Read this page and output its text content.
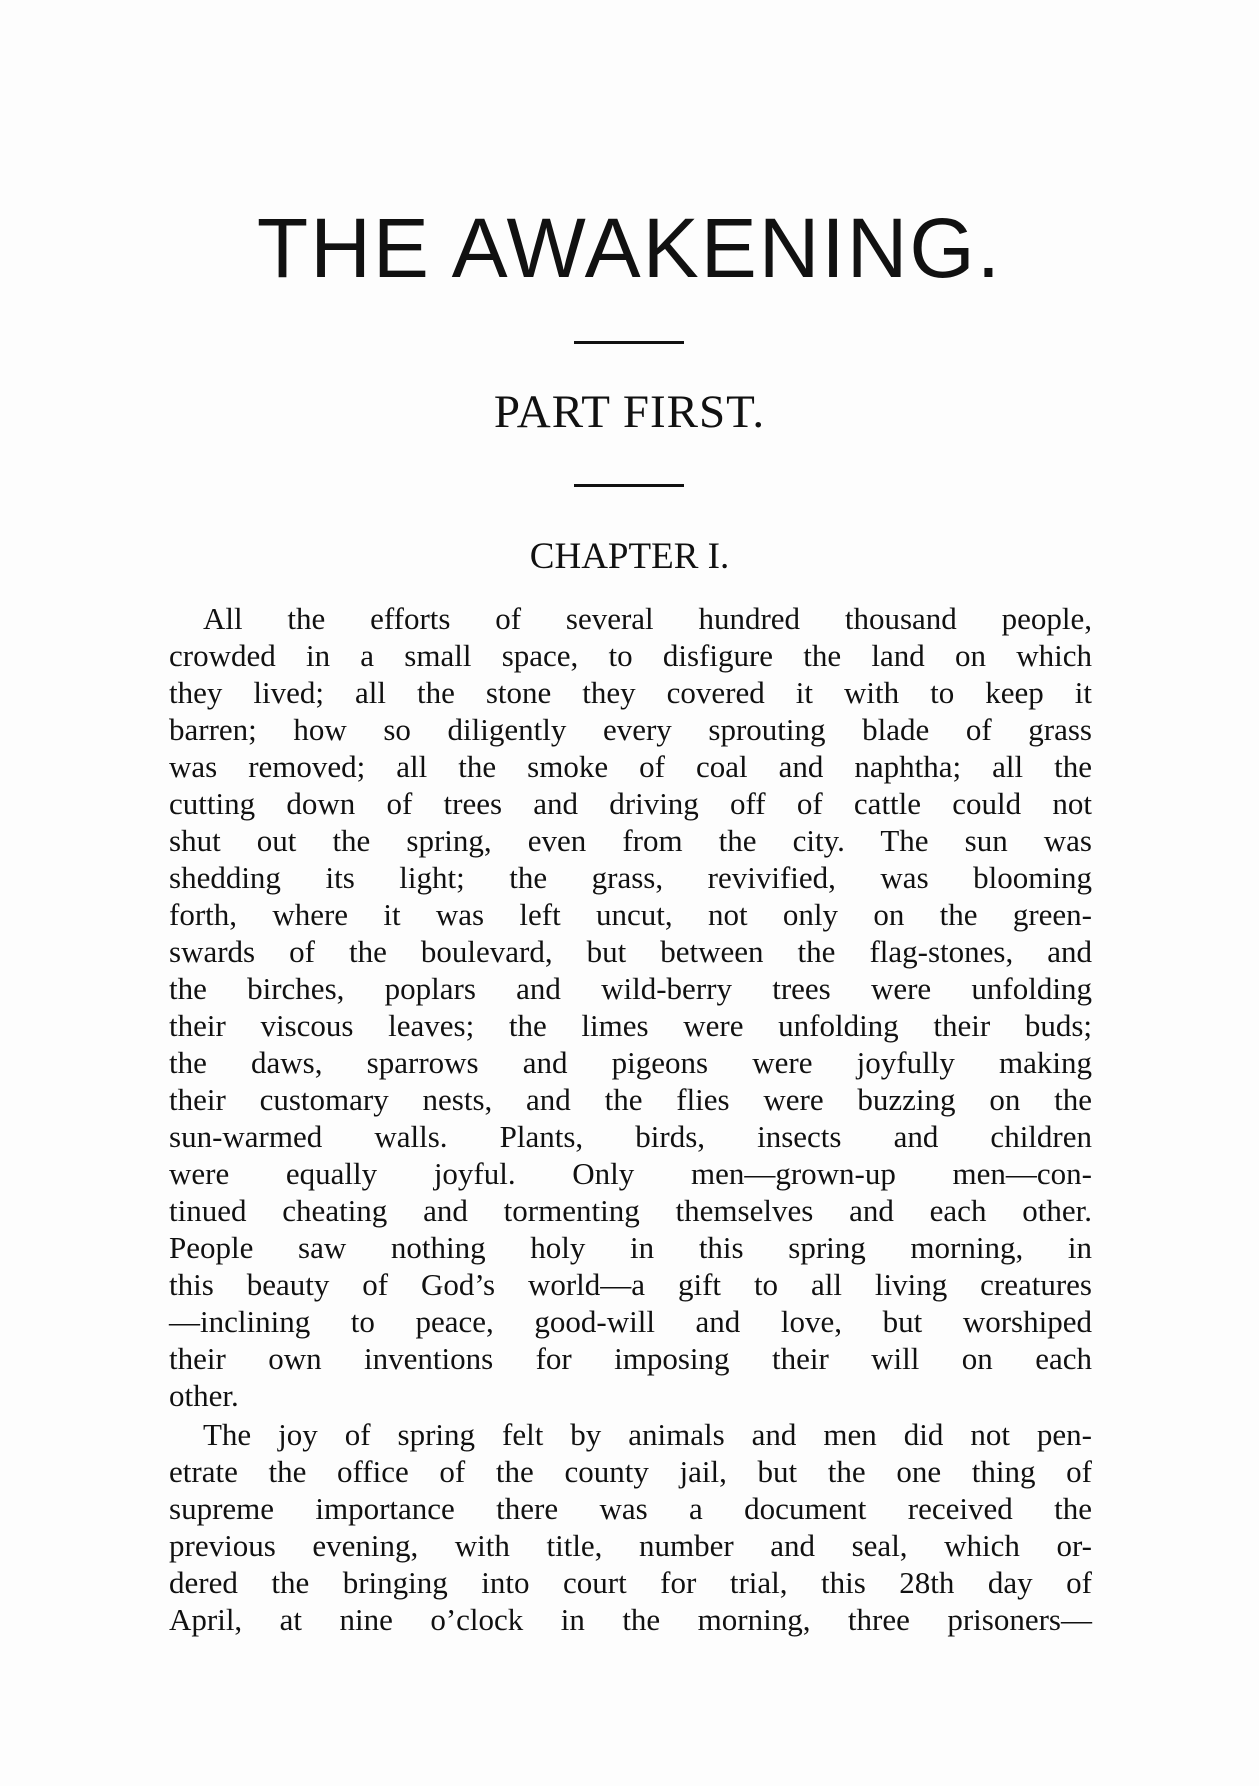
THE AWAKENING.
PART FIRST.
CHAPTER I.

All the efforts of several hundred thousand people,
crowded in a small space, to disfigure the land on which
they lived; all the stone they covered it with to keep it
barren; how so diligently every sprouting blade of grass
was removed; all the smoke of coal and naphtha; all the
cutting down of trees and driving off of cattle could not
shut out the spring, even from the city. The sun was
shedding its light; the grass, revivified, was blooming
forth, where it was left uncut, not only on the green-
swards of the boulevard, but between the flag-stones, and
the birches, poplars and wild-berry trees were unfolding
their viscous leaves; the limes were unfolding their buds;
the daws, sparrows and pigeons were joyfully making
their customary nests, and the flies were buzzing on the
sun-warmed walls. Plants, birds, insects and children
were equally joyful. Only men—grown-up men—con-
tinued cheating and tormenting themselves and each other.
People saw nothing holy in this spring morning, in
this beauty of God’s world—a gift to all living creatures
—inclining to peace, good-will and love, but worshiped
their own inventions for imposing their will on each
other.

The joy of spring felt by animals and men did not pen-
etrate the office of the county jail, but the one thing of
supreme importance there was a document received the
previous evening, with title, number and seal, which or-
dered the bringing into court for trial, this 28th day of
April, at nine o’clock in the morning, three prisoners—
